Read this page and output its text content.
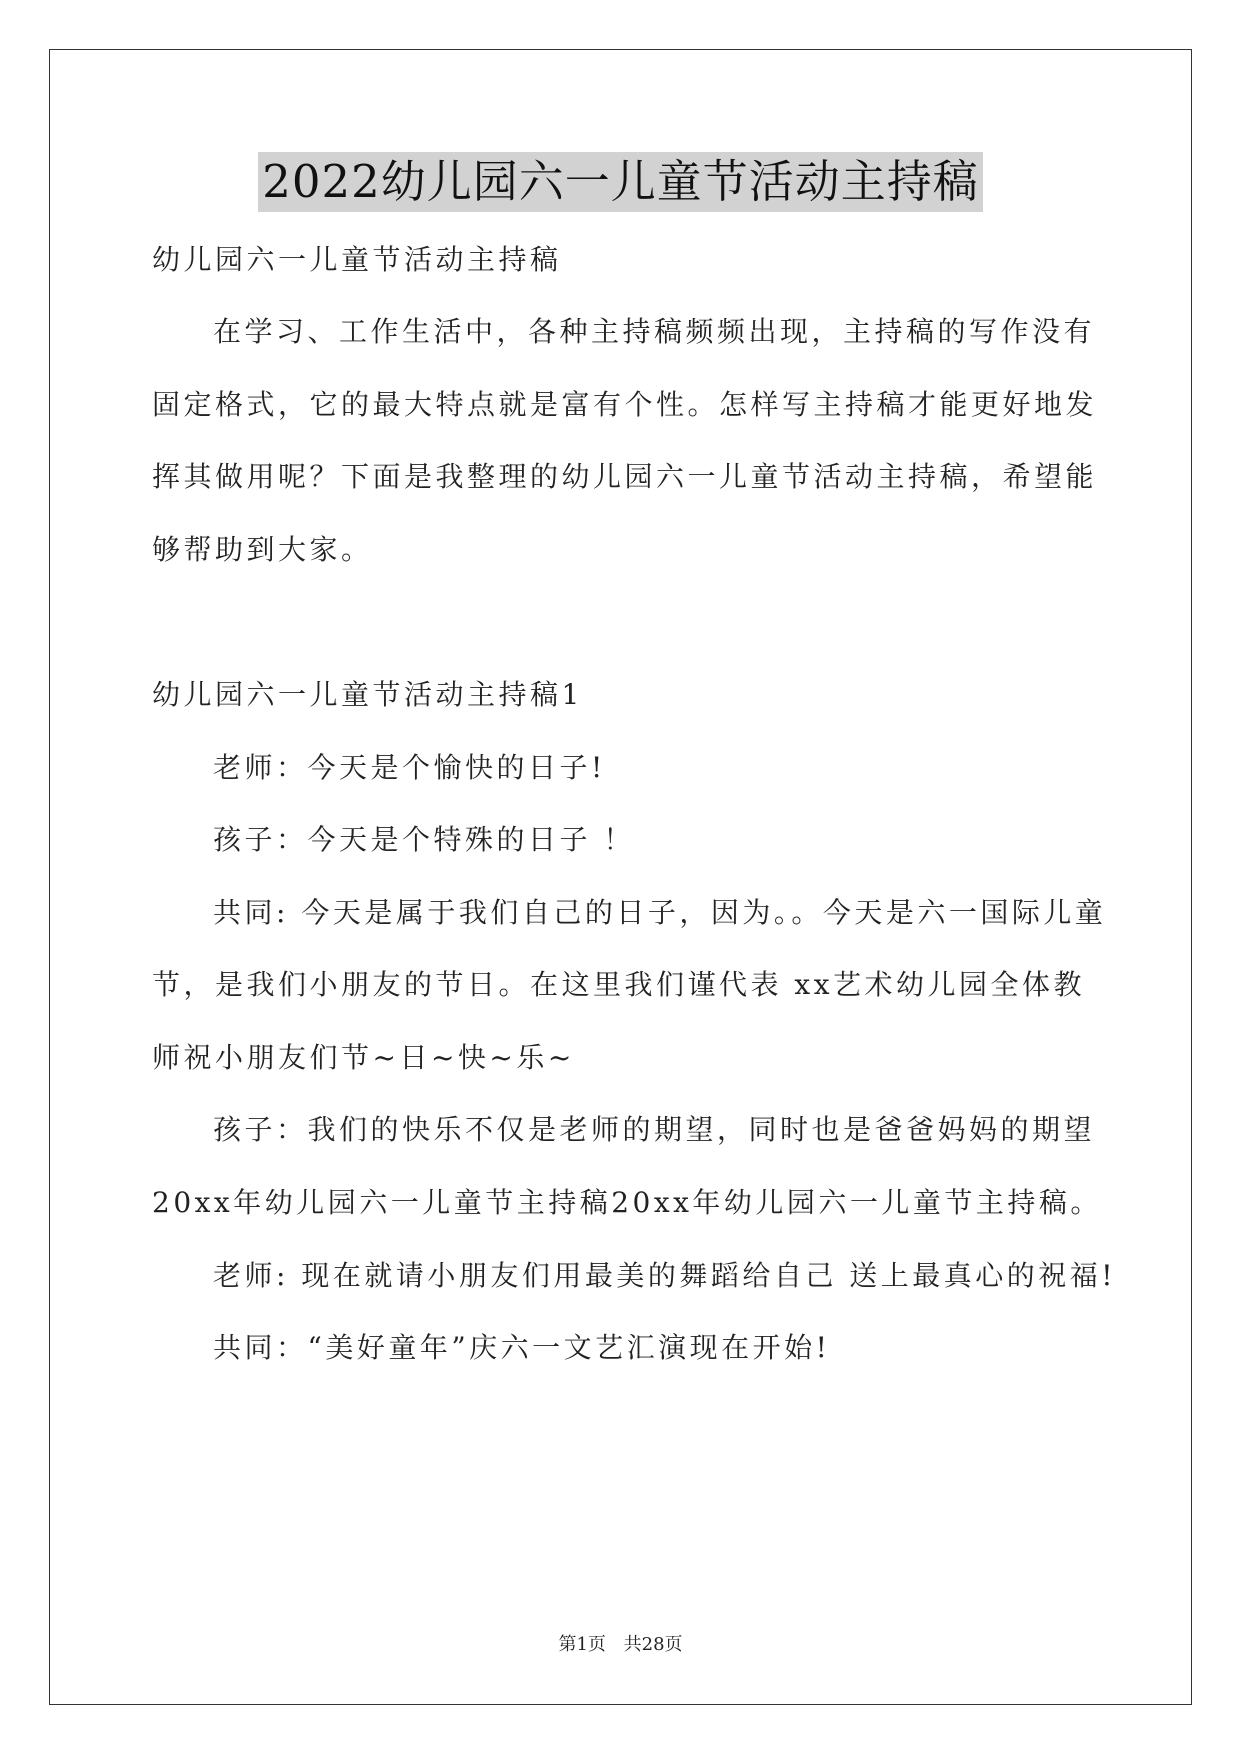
2022幼儿园六一儿童节活动主持稿
幼儿园六一儿童节活动主持稿
在学习、工作生活中，各种主持稿频频出现，主持稿的写作没有
固定格式，它的最大特点就是富有个性。怎样写主持稿才能更好地发
挥其做用呢？下面是我整理的幼儿园六一儿童节活动主持稿，希望能
够帮助到大家。
幼儿园六一儿童节活动主持稿1
老师：今天是个愉快的日子!
孩子：今天是个特殊的日子 ！
共同: 今天是属于我们自己的日子，因为。。今天是六一国际儿童
节，是我们小朋友的节日。在这里我们谨代表 xx艺术幼儿园全体教
师祝小朋友们节~日~快~乐~
孩子：我们的快乐不仅是老师的期望，同时也是爸爸妈妈的期望
20xx年幼儿园六一儿童节主持稿20xx年幼儿园六一儿童节主持稿。
老师: 现在就请小朋友们用最美的舞蹈给自己 送上最真心的祝福!
共同：“美好童年”庆六一文艺汇演现在开始!
第1页 共28页
